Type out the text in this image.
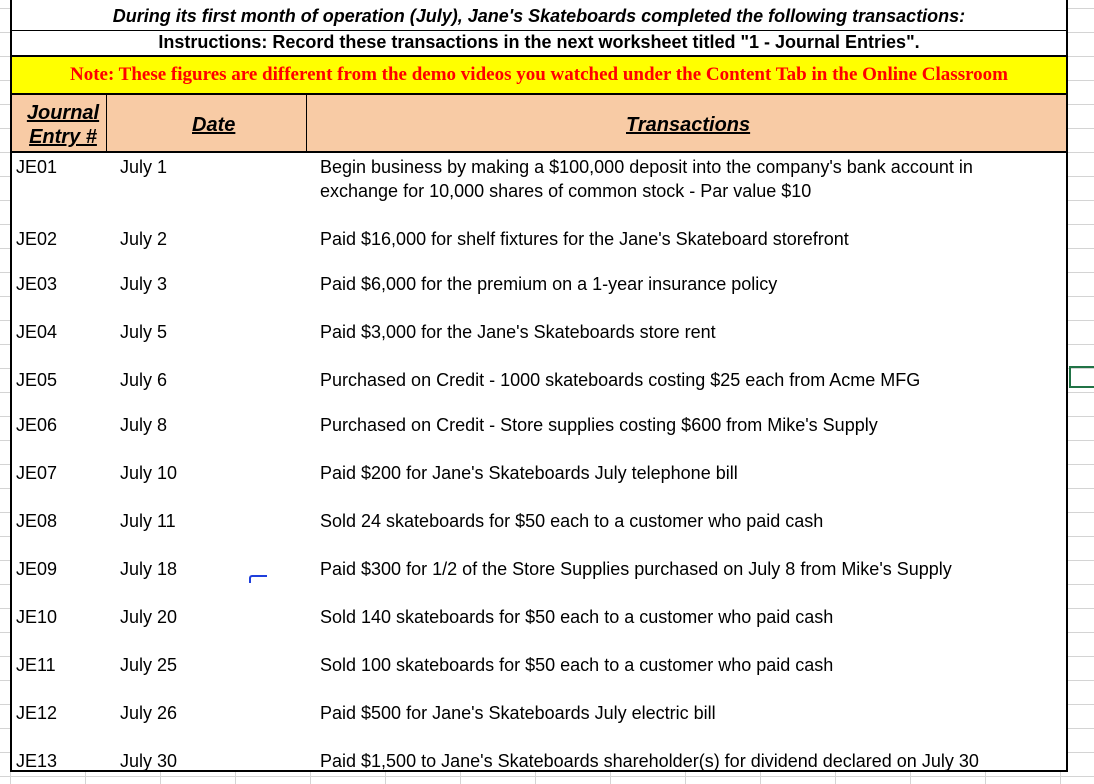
During its first month of operation (July), Jane's Skateboards completed the following transactions:
Instructions: Record these transactions in the next worksheet titled "1 - Journal Entries".
Note: These figures are different from the demo videos you watched under the Content Tab in the Online Classroom
Journal
Entry #
Date	Transactions
JE01	July 1	Begin business by making a $100,000 deposit into the company's bank account in
exchange for 10,000 shares of common stock - Par value $10
JE02	July 2	Paid $16,000 for shelf fixtures for the Jane's Skateboard storefront
JE03	July 3	Paid $6,000 for the premium on a 1-year insurance policy
JE04	July 5	Paid $3,000 for the Jane's Skateboards store rent
JE05	July 6	Purchased on Credit - 1000 skateboards costing $25 each from Acme MFG
JE06	July 8	Purchased on Credit - Store supplies costing $600 from Mike's Supply
JE07	July 10	Paid $200 for Jane's Skateboards July telephone bill
JE08	July 11	Sold 24 skateboards for $50 each to a customer who paid cash
JE09	July 18	Paid $300 for 1/2 of the Store Supplies purchased on July 8 from Mike's Supply
JE10	July 20	Sold 140 skateboards for $50 each to a customer who paid cash
JE11	July 25	Sold 100 skateboards for $50 each to a customer who paid cash
JE12	July 26	Paid $500 for Jane's Skateboards July electric bill
JE13	July 30	Paid $1,500 to Jane's Skateboards shareholder(s) for dividend declared on July 30
